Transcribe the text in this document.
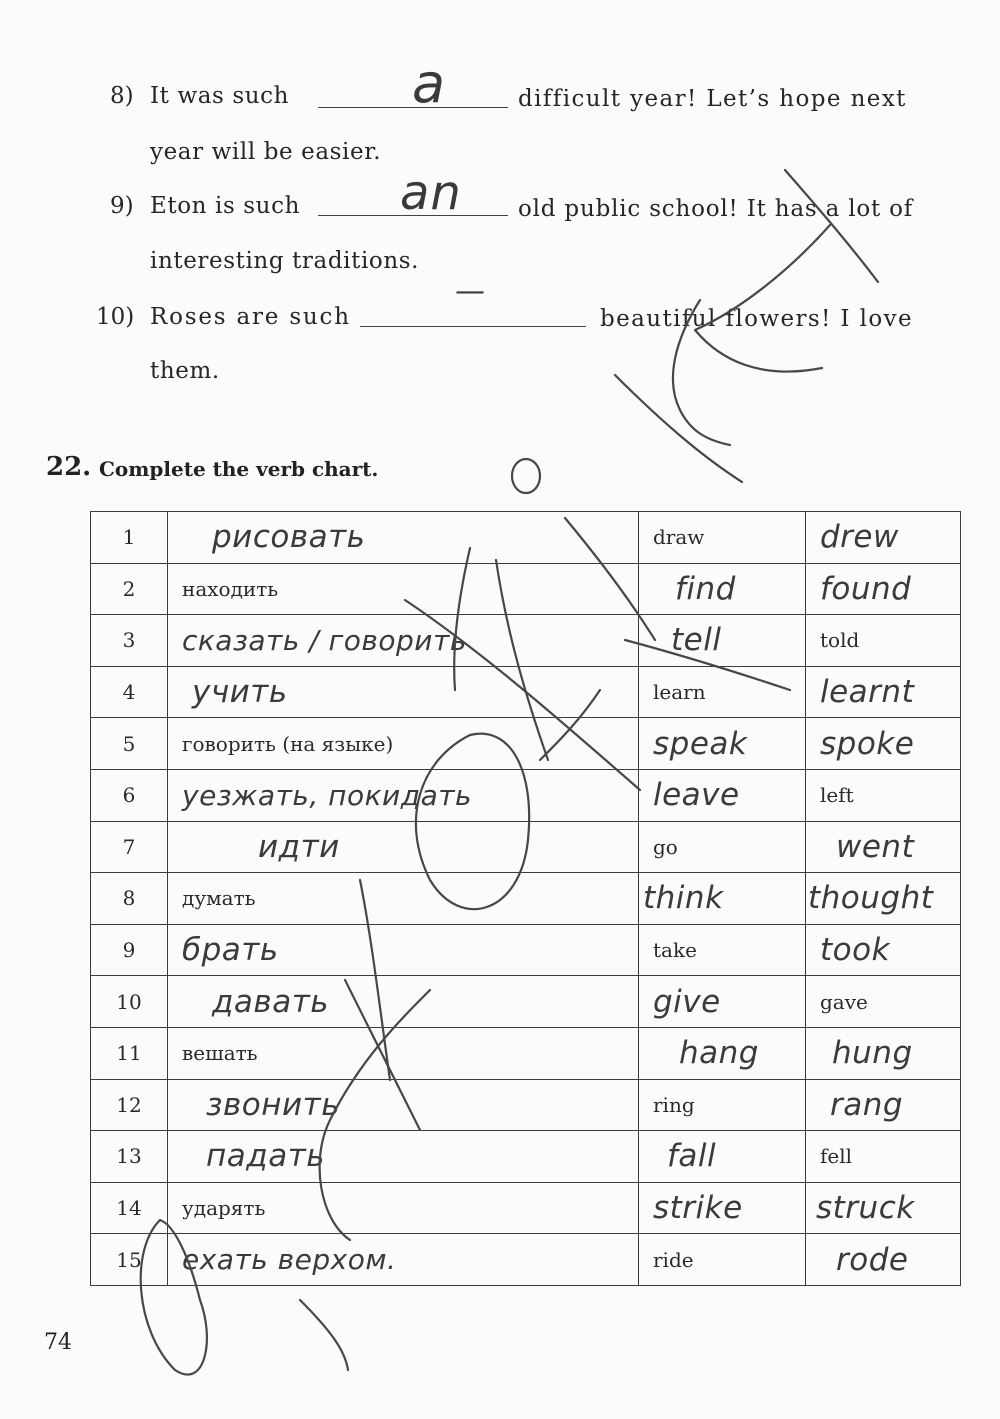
8) It was such a	difficult year! Let’s hope next
year will be easier.
9) Eton is such an old public school! It has a lot of
interesting traditions.
10) Roses are such
—
beautiful flowers! I love
them.
22. Complete the verb chart.
1	рисовать	draw	drew
2	находить	find	found
3	сказать / говорить	tell	told
4	учить	learn	learnt
5	говорить (на языке)	speak	spoke
6	уезжать, покидать	leave	left
7	идти	go	went
8	думать	think	thought
9	брать	take	took
10	давать	give	gave
11	вешать	hang	hung
12	звонить	ring	rang
13	падать	fall	fell
14	ударять	strike	struck
15	ехать верхом.	ride	rode
74
